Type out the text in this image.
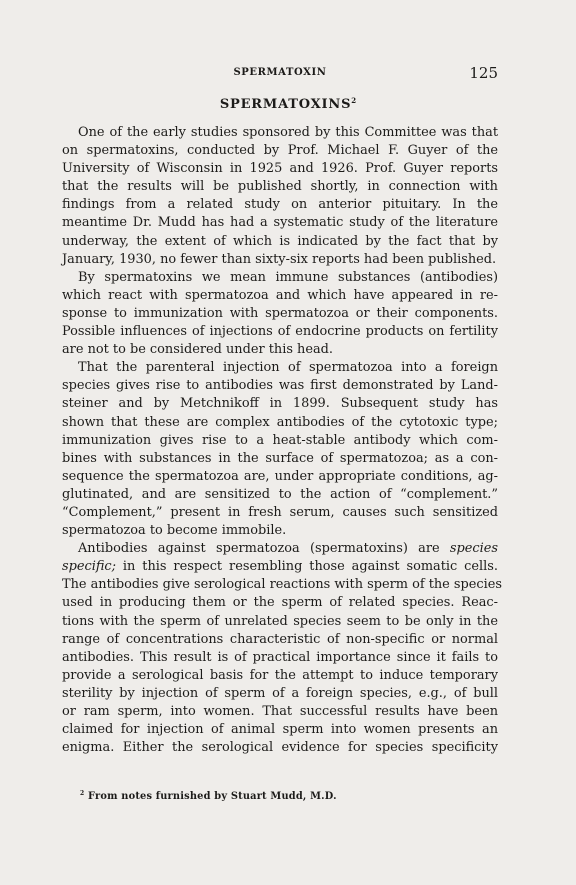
SPERMATOXIN	125
SPERMATOXINS$^2$
One of the early studies sponsored by this Committee was that
on spermatoxins, conducted by Prof. Michael F. Guyer of the
University of Wisconsin in 1925 and 1926. Prof. Guyer reports
that the results will be published shortly, in connection with
findings from a related study on anterior pituitary. In the
meantime Dr. Mudd has had a systematic study of the literature
underway, the extent of which is indicated by the fact that by
January, 1930, no fewer than sixty-six reports had been published.
By spermatoxins we mean immune substances (antibodies)
which react with spermatozoa and which have appeared in re-
sponse to immunization with spermatozoa or their components.
Possible influences of injections of endocrine products on fertility
are not to be considered under this head.
That the parenteral injection of spermatozoa into a foreign
species gives rise to antibodies was first demonstrated by Land-
steiner and by Metchnikoff in 1899. Subsequent study has
shown that these are complex antibodies of the cytotoxic type;
immunization gives rise to a heat-stable antibody which com-
bines with substances in the surface of spermatozoa; as a con-
sequence the spermatozoa are, under appropriate conditions, ag-
glutinated, and are sensitized to the action of “complement.”
“Complement,” present in fresh serum, causes such sensitized
spermatozoa to become immobile.
Antibodies against spermatozoa (spermatoxins) are species
specific; in this respect resembling those against somatic cells.
The antibodies give serological reactions with sperm of the species
used in producing them or the sperm of related species. Reac-
tions with the sperm of unrelated species seem to be only in the
range of concentrations characteristic of non-specific or normal
antibodies. This result is of practical importance since it fails to
provide a serological basis for the attempt to induce temporary
sterility by injection of sperm of a foreign species, e.g., of bull
or ram sperm, into women. That successful results have been
claimed for injection of animal sperm into women presents an
enigma. Either the serological evidence for species specificity
$^2$ From notes furnished by Stuart Mudd, M.D.
